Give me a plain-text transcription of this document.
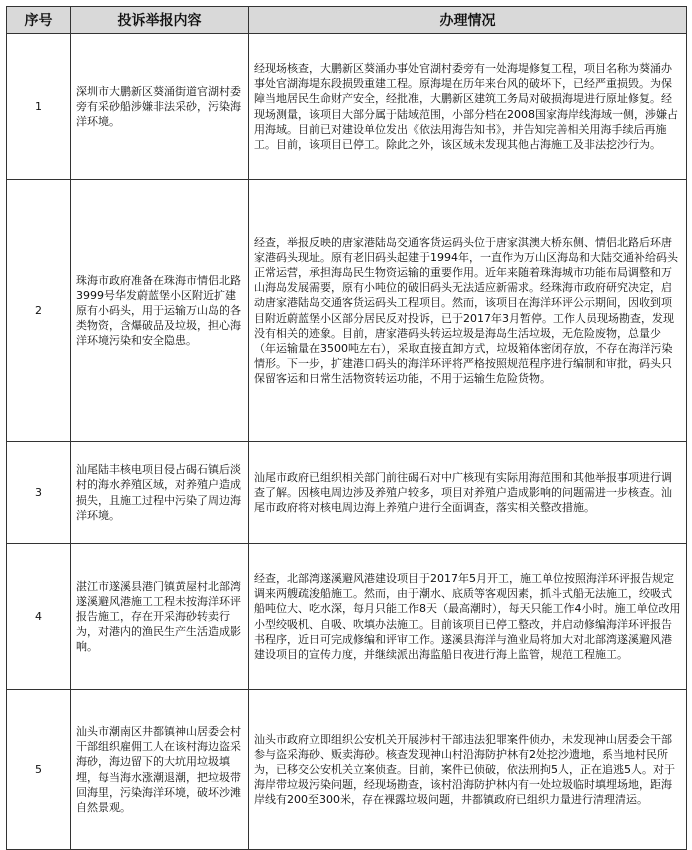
序号	投诉举报内容	办理情况
1	深圳市大鹏新区葵涌街道官湖村委旁有采砂船涉嫌非法采砂，污染海洋环境。	经现场核查，大鹏新区葵涌办事处官湖村委旁有一处海堤修复工程，项目名称为葵涌办事处官湖海堤东段损毁重建工程。原海堤在历年来台风的破坏下，已经严重损毁。为保障当地居民生命财产安全，经批准，大鹏新区建筑工务局对破损海堤进行原址修复。经现场测量，该项目大部分属于陆域范围，小部分档在2008国家海岸线海域一侧，涉嫌占用海域。目前已对建设单位发出《依法用海告知书》，并告知完善相关用海手续后再施工。目前，该项目已停工。除此之外，该区域未发现其他占海施工及非法挖沙行为。
2	珠海市政府准备在珠海市情侣北路3999号华发蔚蓝堡小区附近扩建原有小码头，用于运输万山岛的各类物资，含爆破品及垃圾，担心海洋环境污染和安全隐患。	经查，举报反映的唐家港陆岛交通客货运码头位于唐家淇澳大桥东侧、情侣北路后环唐家港码头现址。原有老旧码头起建于1994年，一直作为万山区海岛和大陆交通补给码头正常运营，承担海岛民生物资运输的重要作用。近年来随着珠海城市功能布局调整和万山海岛发展需要，原有小吨位的破旧码头无法适应新需求。经珠海市政府研究决定，启动唐家港陆岛交通客货运码头工程项目。然而，该项目在海洋环评公示期间，因收到项目附近蔚蓝堡小区部分居民反对投诉，已于2017年3月暂停。工作人员现场勘查，发现没有相关的迹象。目前，唐家港码头转运垃圾是海岛生活垃圾，无危险废物，总量少（年运输量在3500吨左右），采取直接直卸方式，垃圾箱体密闭存放，不存在海洋污染情形。下一步，扩建港口码头的海洋环评将严格按照规范程序进行编制和审批，码头只保留客运和日常生活物资转运功能，不用于运输生危险货物。
3	汕尾陆丰核电项目侵占碣石镇后淡村的海水养殖区域，对养殖户造成损失，且施工过程中污染了周边海洋环境。	汕尾市政府已组织相关部门前往碣石对中广核现有实际用海范围和其他举报事项进行调查了解。因核电周边涉及养殖户较多，项目对养殖户造成影响的问题需进一步核查。汕尾市政府将对核电周边海上养殖户进行全面调查，落实相关整改措施。
4	湛江市遂溪县港门镇黄屋村北部湾遂溪避风港施工工程未按海洋环评报告施工，存在开采海砂转卖行为，对港内的渔民生产生活造成影响。	经查，北部湾遂溪避风港建设项目于2017年5月开工，施工单位按照海洋环评报告规定调来两艘疏浚船施工。然而，由于潮水、底质等客观因素，抓斗式船无法施工，绞吸式船吨位大、吃水深，每月只能工作8天（最高潮时），每天只能工作4小时。施工单位改用小型绞吸机、自吸、吹填办法施工。目前该项目已停工整改，并启动修编海洋环评报告书程序，近日可完成修编和评审工作。遂溪县海洋与渔业局将加大对北部湾遂溪避风港建设项目的宣传力度，并继续派出海监船日夜进行海上监管，规范工程施工。
5	汕头市潮南区井都镇神山居委会村干部组织雇佣工人在该村海边盗采海砂，海边留下的大坑用垃圾填埋，每当海水涨潮退潮，把垃圾带回海里，污染海洋环境，破坏沙滩自然景观。	汕头市政府立即组织公安机关开展涉村干部违法犯罪案件侦办，未发现神山居委会干部参与盗采海砂、贩卖海砂。核查发现神山村沿海防护林有2处挖沙遗地，系当地村民所为，已移交公安机关立案侦查。目前，案件已侦破，依法刑拘5人，正在追逃5人。对于海岸带垃圾污染问题，经现场勘查，该村沿海防护林内有一处垃圾临时填埋场地，距海岸线有200至300米，存在裸露垃圾问题，井都镇政府已组织力量进行清理清运。
